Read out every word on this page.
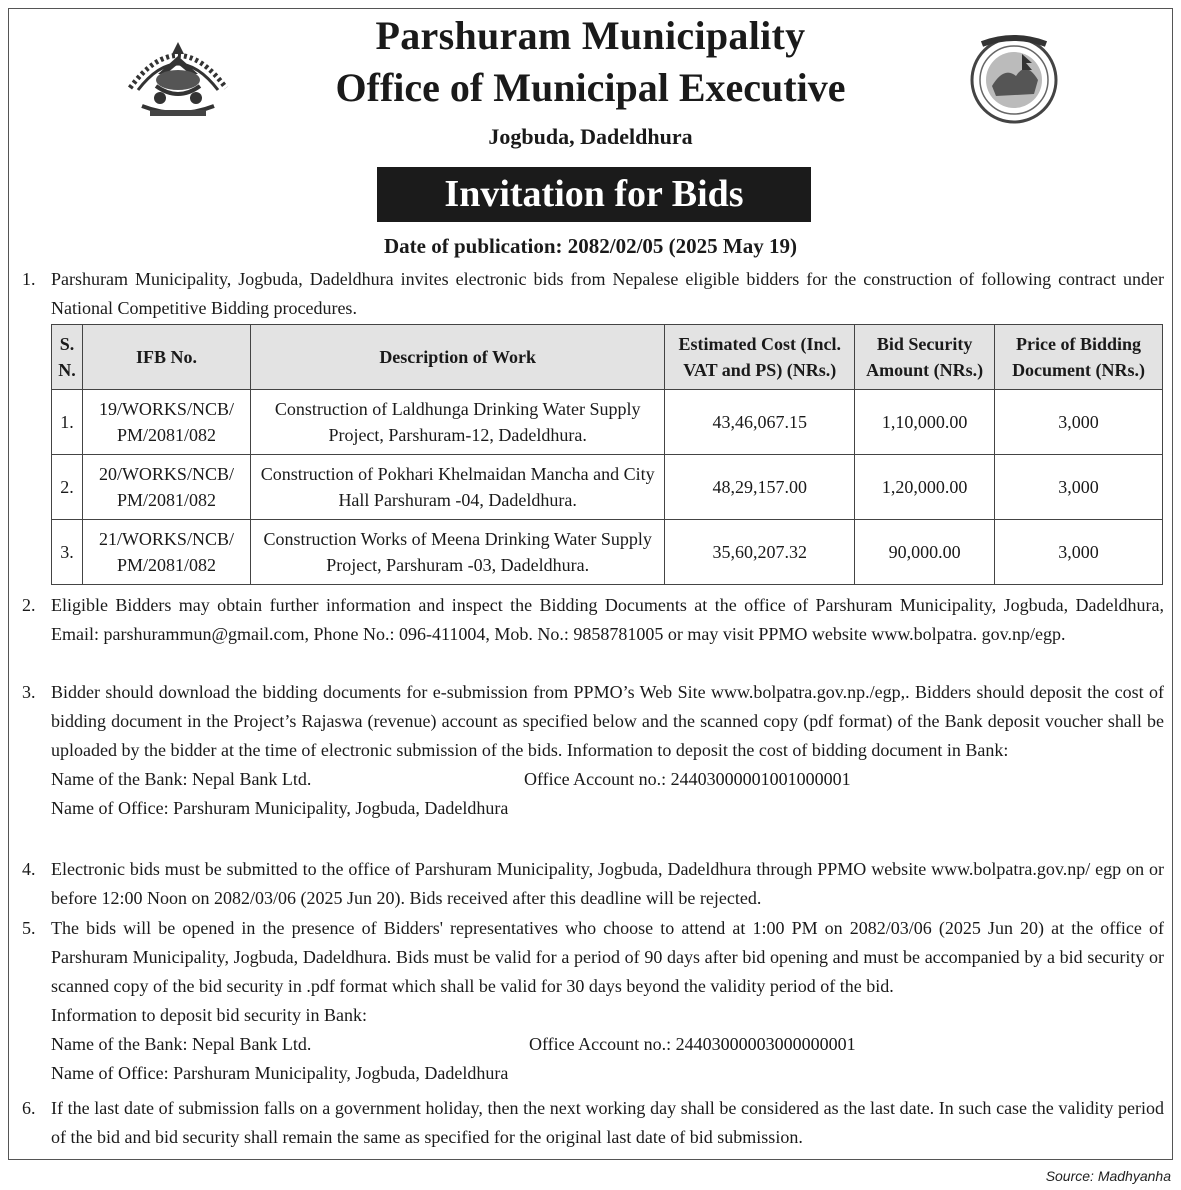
Parshuram Municipality
Office of Municipal Executive
Jogbuda, Dadeldhura
Invitation for Bids
Date of publication: 2082/02/05 (2025 May 19)
1. Parshuram Municipality, Jogbuda, Dadeldhura invites electronic bids from Nepalese eligible bidders for the construction of following contract under National Competitive Bidding procedures.
S. N.	IFB No.	Description of Work	Estimated Cost (Incl. VAT and PS) (NRs.)	Bid Security Amount (NRs.)	Price of Bidding Document (NRs.)
1.	19/WORKS/NCB/ PM/2081/082	Construction of Laldhunga Drinking Water Supply Project, Parshuram-12, Dadeldhura.	43,46,067.15	1,10,000.00	3,000
2.	20/WORKS/NCB/ PM/2081/082	Construction of Pokhari Khelmaidan Mancha and City Hall Parshuram -04, Dadeldhura.	48,29,157.00	1,20,000.00	3,000
3.	21/WORKS/NCB/ PM/2081/082	Construction Works of Meena Drinking Water Supply Project, Parshuram -03, Dadeldhura.	35,60,207.32	90,000.00	3,000
2. Eligible Bidders may obtain further information and inspect the Bidding Documents at the office of Parshuram Municipality, Jogbuda, Dadeldhura, Email: parshurammun@gmail.com, Phone No.: 096-411004, Mob. No.: 9858781005 or may visit PPMO website www.bolpatra. gov.np/egp.
3. Bidder should download the bidding documents for e-submission from PPMO’s Web Site www.bolpatra.gov.np./egp,. Bidders should deposit the cost of bidding document in the Project’s Rajaswa (revenue) account as specified below and the scanned copy (pdf format) of the Bank deposit voucher shall be uploaded by the bidder at the time of electronic submission of the bids. Information to deposit the cost of bidding document in Bank:
Name of the Bank: Nepal Bank Ltd.	Office Account no.: 24403000001001000001
Name of Office: Parshuram Municipality, Jogbuda, Dadeldhura
4. Electronic bids must be submitted to the office of Parshuram Municipality, Jogbuda, Dadeldhura through PPMO website www.bolpatra.gov.np/ egp on or before 12:00 Noon on 2082/03/06 (2025 Jun 20). Bids received after this deadline will be rejected.
5. The bids will be opened in the presence of Bidders' representatives who choose to attend at 1:00 PM on 2082/03/06 (2025 Jun 20) at the office of Parshuram Municipality, Jogbuda, Dadeldhura. Bids must be valid for a period of 90 days after bid opening and must be accompanied by a bid security or scanned copy of the bid security in .pdf format which shall be valid for 30 days beyond the validity period of the bid.
Information to deposit bid security in Bank:
Name of the Bank: Nepal Bank Ltd.	Office Account no.: 24403000003000000001
Name of Office: Parshuram Municipality, Jogbuda, Dadeldhura
6. If the last date of submission falls on a government holiday, then the next working day shall be considered as the last date. In such case the validity period of the bid and bid security shall remain the same as specified for the original last date of bid submission.
Source: Madhyanha
